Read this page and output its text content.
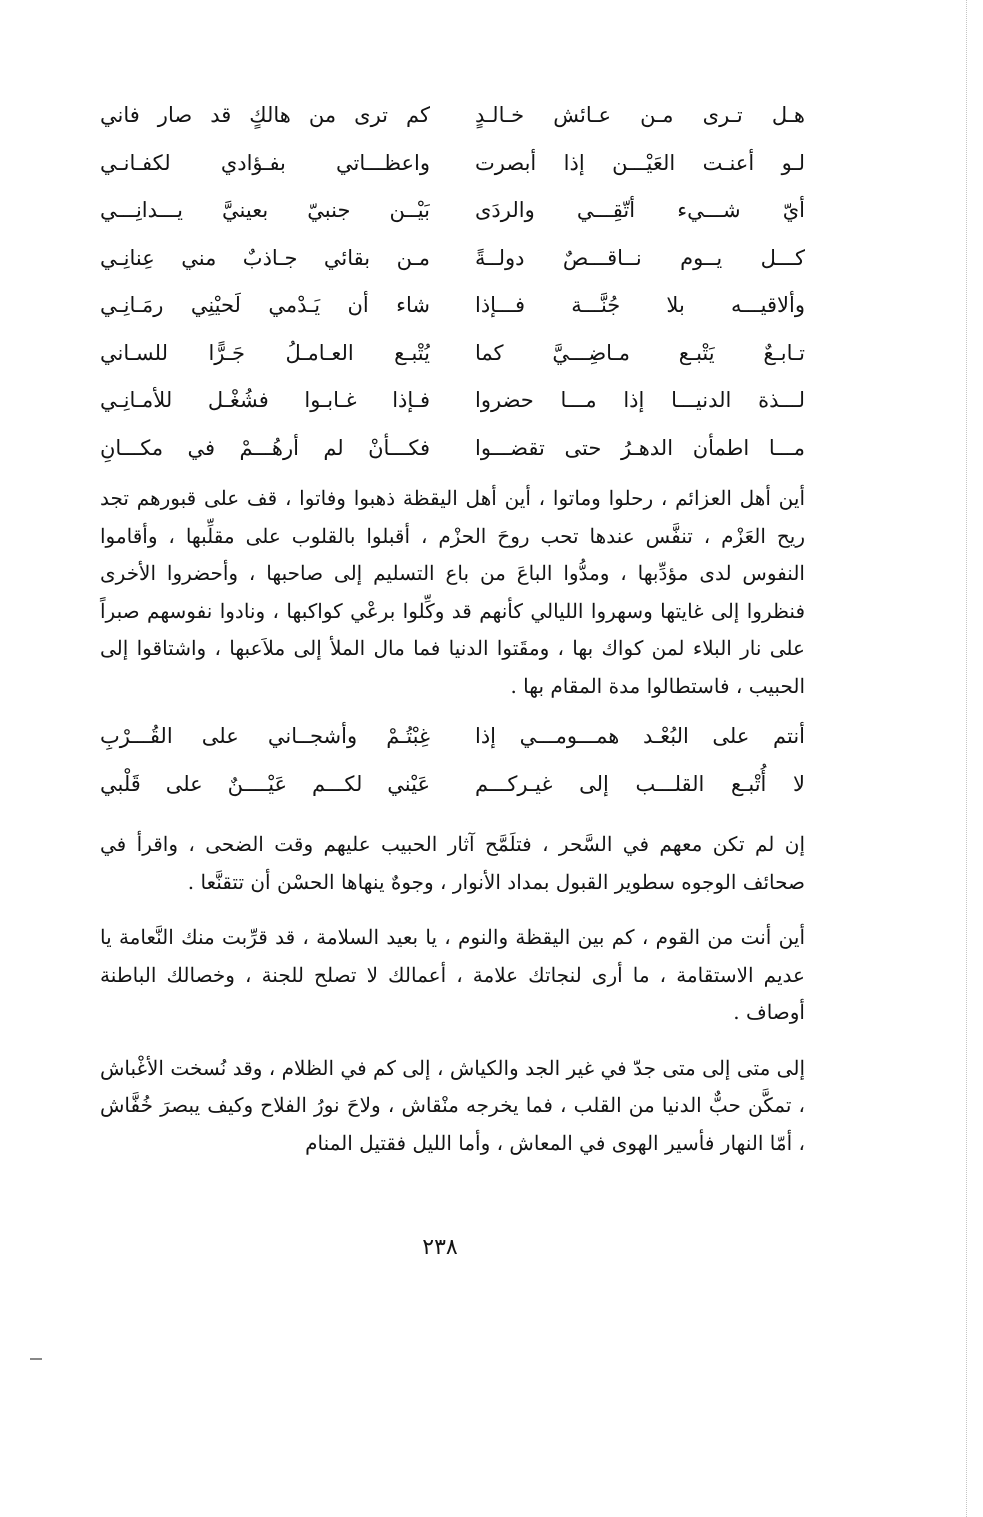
هـل تـرى مـن عـائش خـالـدٍ
كم ترى من هالكٍ قد صار فاني
لـو أعنـت العَيْـــن إذا أبصرت
واعظـــاتي بفـؤادي لكفـانـي
أيّ شـــيء أتّقِـــي والردَى
بَيْــن جنبيّ بعينيَّ يـــدانِـــي
كـــل يــوم نــاقـــصٌ دولــةً
مـن بقائي جـاذبٌ مني عِنانِـي
وألاقيـــه بلا جُنَّـــة فـــإذا
شاء أن يَـدْمي لَحيْنِي رمَـانِـي
تـابـعٌ يَتْبـع مـاضِـــيَّ كما
يُتْبـع العـامـلُ جَـرًّا للسـاني
لـــذة الدنيـــا إذا مـــا حضروا
فـإذا غـابـوا فشُغْـل للأمـانِـي
مـــا اطمأن الدهـرُ حتى تقضـــوا
فكـــأنْ لم أرهُـــمْ في مكـــانِ

أين أهل العزائم ، رحلوا وماتوا ، أين أهل اليقظة ذهبوا وفاتوا ، قف على قبورهم تجد ريح العَزْم ، تنفَّس عندها تحب روحَ الحزْم ، أقبلوا بالقلوب على مقلِّبها ، وأقاموا النفوس لدى مؤدِّبها ، ومدُّوا الباعَ من باع التسليم إلى صاحبها ، وأحضروا الأخرى فنظروا إلى غايتها وسهروا الليالي كأنهم قد وكِّلوا برعْي كواكبها ، ونادوا نفوسهم صبراً على نار البلاء لمن كواك بها ، ومقَتوا الدنيا فما مال الملأ إلى ملاَعبها ، واشتاقوا إلى الحبيب ، فاستطالوا مدة المقام بها .

أنتم على البُعْـد همـــومـــي إذا
غِبْتُـمْ وأشجــاني على القُـــرْبِ
لا أُتْبـع القلـــب إلى غيـركـــم
عَيْني لكـــم عَيْــــنٌ على قَلْبي

إن لم تكن معهم في السَّحر ، فتلَمَّح آثار الحبيب عليهم وقت الضحى ، واقرأ في صحائف الوجوه سطوير القبول بمداد الأنوار ، وجوهٌ ينهاها الحسْن أن تتقنَّعا .

أين أنت من القوم ، كم بين اليقظة والنوم ، يا بعيد السلامة ، قد قرِّبت منك النَّعامة يا عديم الاستقامة ، ما أرى لنجاتك علامة ، أعمالك لا تصلح للجنة ، وخصالك الباطنة أوصاف .

إلى متى إلى متى جدّ في غير الجد والكياش ، إلى كم في الظلام ، وقد نُسخت الأغْباش ، تمكَّن حبٌّ الدنيا من القلب ، فما يخرجه منْقاش ، ولاحَ نورُ الفلاح وكيف يبصرَ خُفَّاش ، أمّا النهار فأسير الهوى في المعاش ، وأما الليل فقتيل المنام

٢٣٨
